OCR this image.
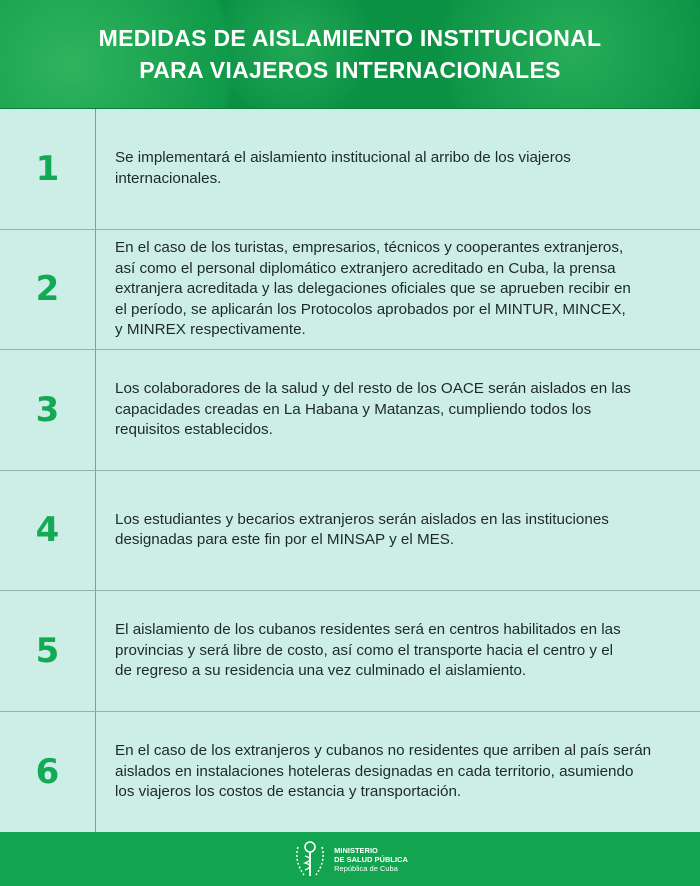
MEDIDAS DE AISLAMIENTO INSTITUCIONAL
PARA VIAJEROS INTERNACIONALES
1	Se implementará el aislamiento institucional al arribo de los viajeros
internacionales.
2
En el caso de los turistas, empresarios, técnicos y cooperantes extranjeros,
así como el personal diplomático extranjero acreditado en Cuba, la prensa
extranjera acreditada y las delegaciones oficiales que se aprueben recibir en
el período, se aplicarán los Protocolos aprobados por el MINTUR, MINCEX,
y MINREX respectivamente.
3
Los colaboradores de la salud y del resto de los OACE serán aislados en las
capacidades creadas en La Habana y Matanzas, cumpliendo todos los
requisitos establecidos.
4	Los estudiantes y becarios extranjeros serán aislados en las instituciones
designadas para este fin por el MINSAP y el MES.
5
El aislamiento de los cubanos residentes será en centros habilitados en las
provincias y será libre de costo, así como el transporte hacia el centro y el
de regreso a su residencia una vez culminado el aislamiento.
6
En el caso de los extranjeros y cubanos no residentes que arriben al país serán
aislados en instalaciones hoteleras designadas en cada territorio, asumiendo
los viajeros los costos de estancia y transportación.
MINISTERIO
DE SALUD PÚBLICA
República de Cuba
